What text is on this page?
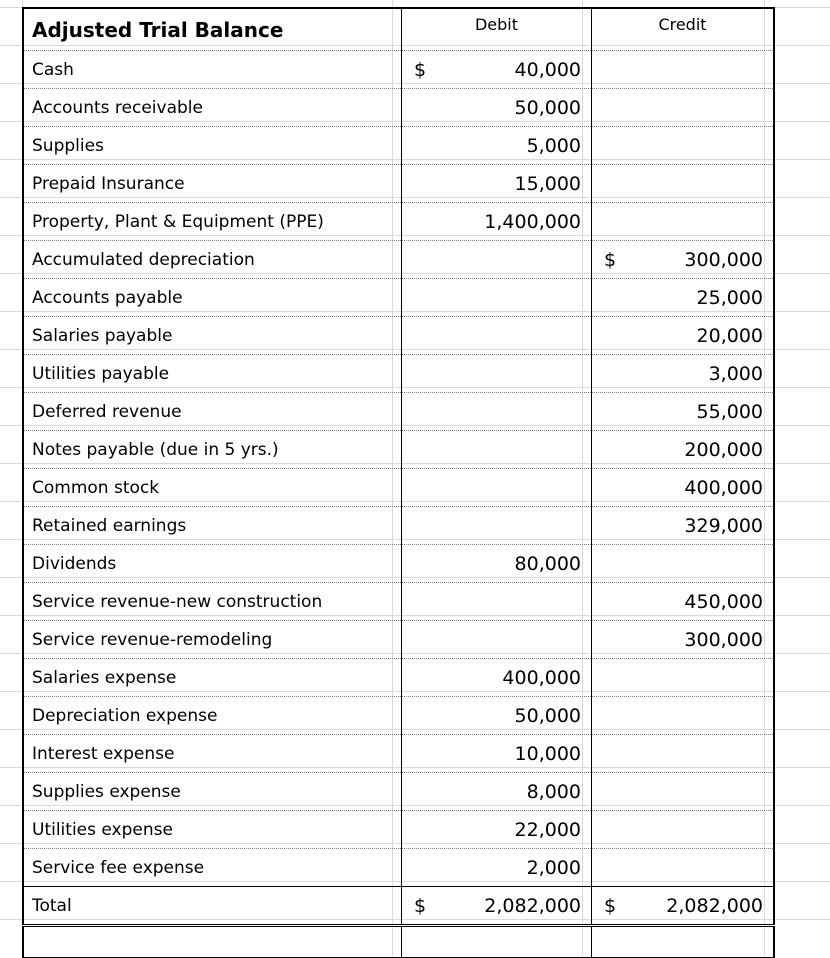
Adjusted Trial Balance	Debit	Credit
Cash	$ 40,000	

Accounts receivable	50,000	

Supplies	5,000	

Prepaid Insurance	15,000	

Property, Plant & Equipment (PPE)	1,400,000	

Accumulated depreciation		$ 300,000

Accounts payable		25,000

Salaries payable		20,000

Utilities payable		3,000

Deferred revenue		55,000

Notes payable (due in 5 yrs.)		200,000

Common stock		400,000

Retained earnings		329,000

Dividends	80,000	

Service revenue-new construction		450,000

Service revenue-remodeling		300,000

Salaries expense	400,000	

Depreciation expense	50,000	

Interest expense	10,000	

Supplies expense	8,000	

Utilities expense	22,000	

Service fee expense	2,000	

Total	$ 2,082,000	$ 2,082,000
